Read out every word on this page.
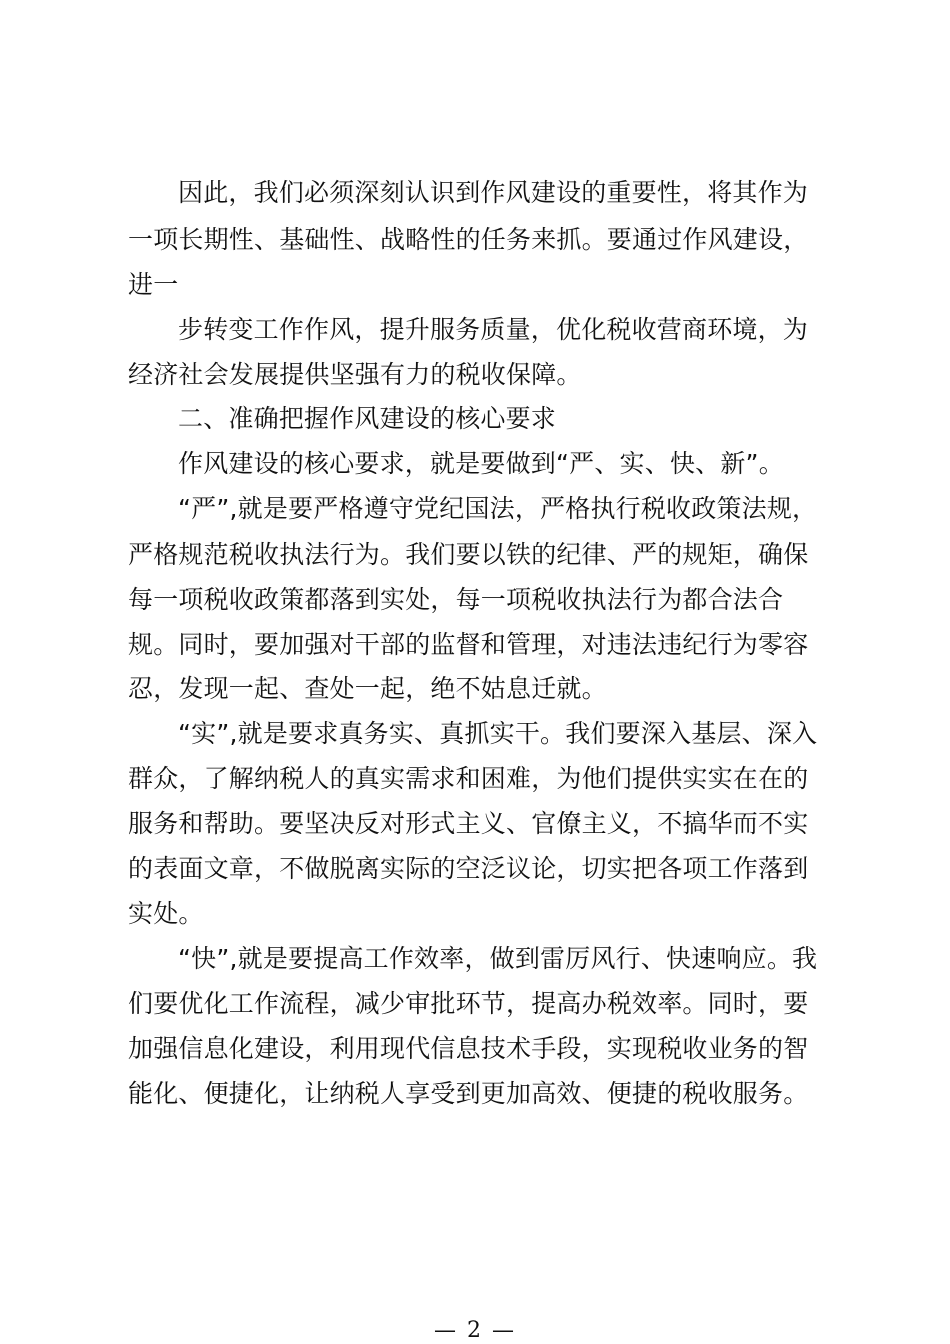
因此，我们必须深刻认识到作风建设的重要性，将其作为
一项长期性、基础性、战略性的任务来抓。要通过作风建设，
进一
步转变工作作风，提升服务质量，优化税收营商环境，为
经济社会发展提供坚强有力的税收保障。
二、准确把握作风建设的核心要求
作风建设的核心要求，就是要做到“严、实、快、新”。
“严”,就是要严格遵守党纪国法，严格执行税收政策法规，
严格规范税收执法行为。我们要以铁的纪律、严的规矩，确保
每一项税收政策都落到实处，每一项税收执法行为都合法合
规。同时，要加强对干部的监督和管理，对违法违纪行为零容
忍，发现一起、查处一起，绝不姑息迁就。
“实”,就是要求真务实、真抓实干。我们要深入基层、深入
群众，了解纳税人的真实需求和困难，为他们提供实实在在的
服务和帮助。要坚决反对形式主义、官僚主义，不搞华而不实
的表面文章，不做脱离实际的空泛议论，切实把各项工作落到
实处。
“快”,就是要提高工作效率，做到雷厉风行、快速响应。我
们要优化工作流程，减少审批环节，提高办税效率。同时，要
加强信息化建设，利用现代信息技术手段，实现税收业务的智
能化、便捷化，让纳税人享受到更加高效、便捷的税收服务。
— 2 —
